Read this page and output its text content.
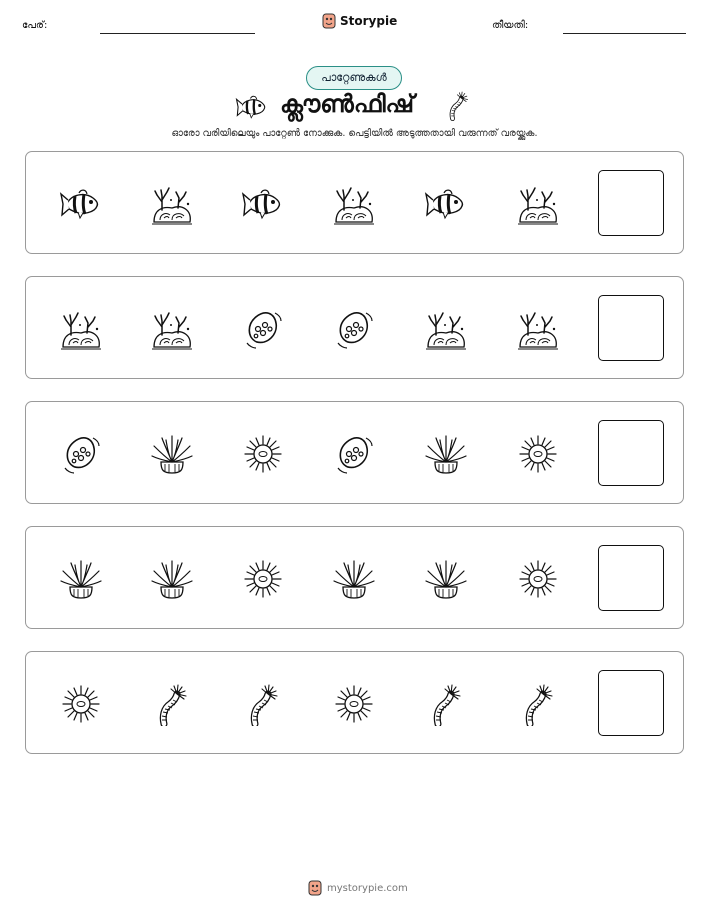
പേര്:	Storypie	തീയതി:
പാറ്റേണുകൾ
ക്ലൗൺഫിഷ്
ഓരോ വരിയിലെയും പാറ്റേൺ നോക്കുക. പെട്ടിയിൽ അടുത്തതായി വരുന്നത് വരയ്ക്കുക.
mystorypie.com
